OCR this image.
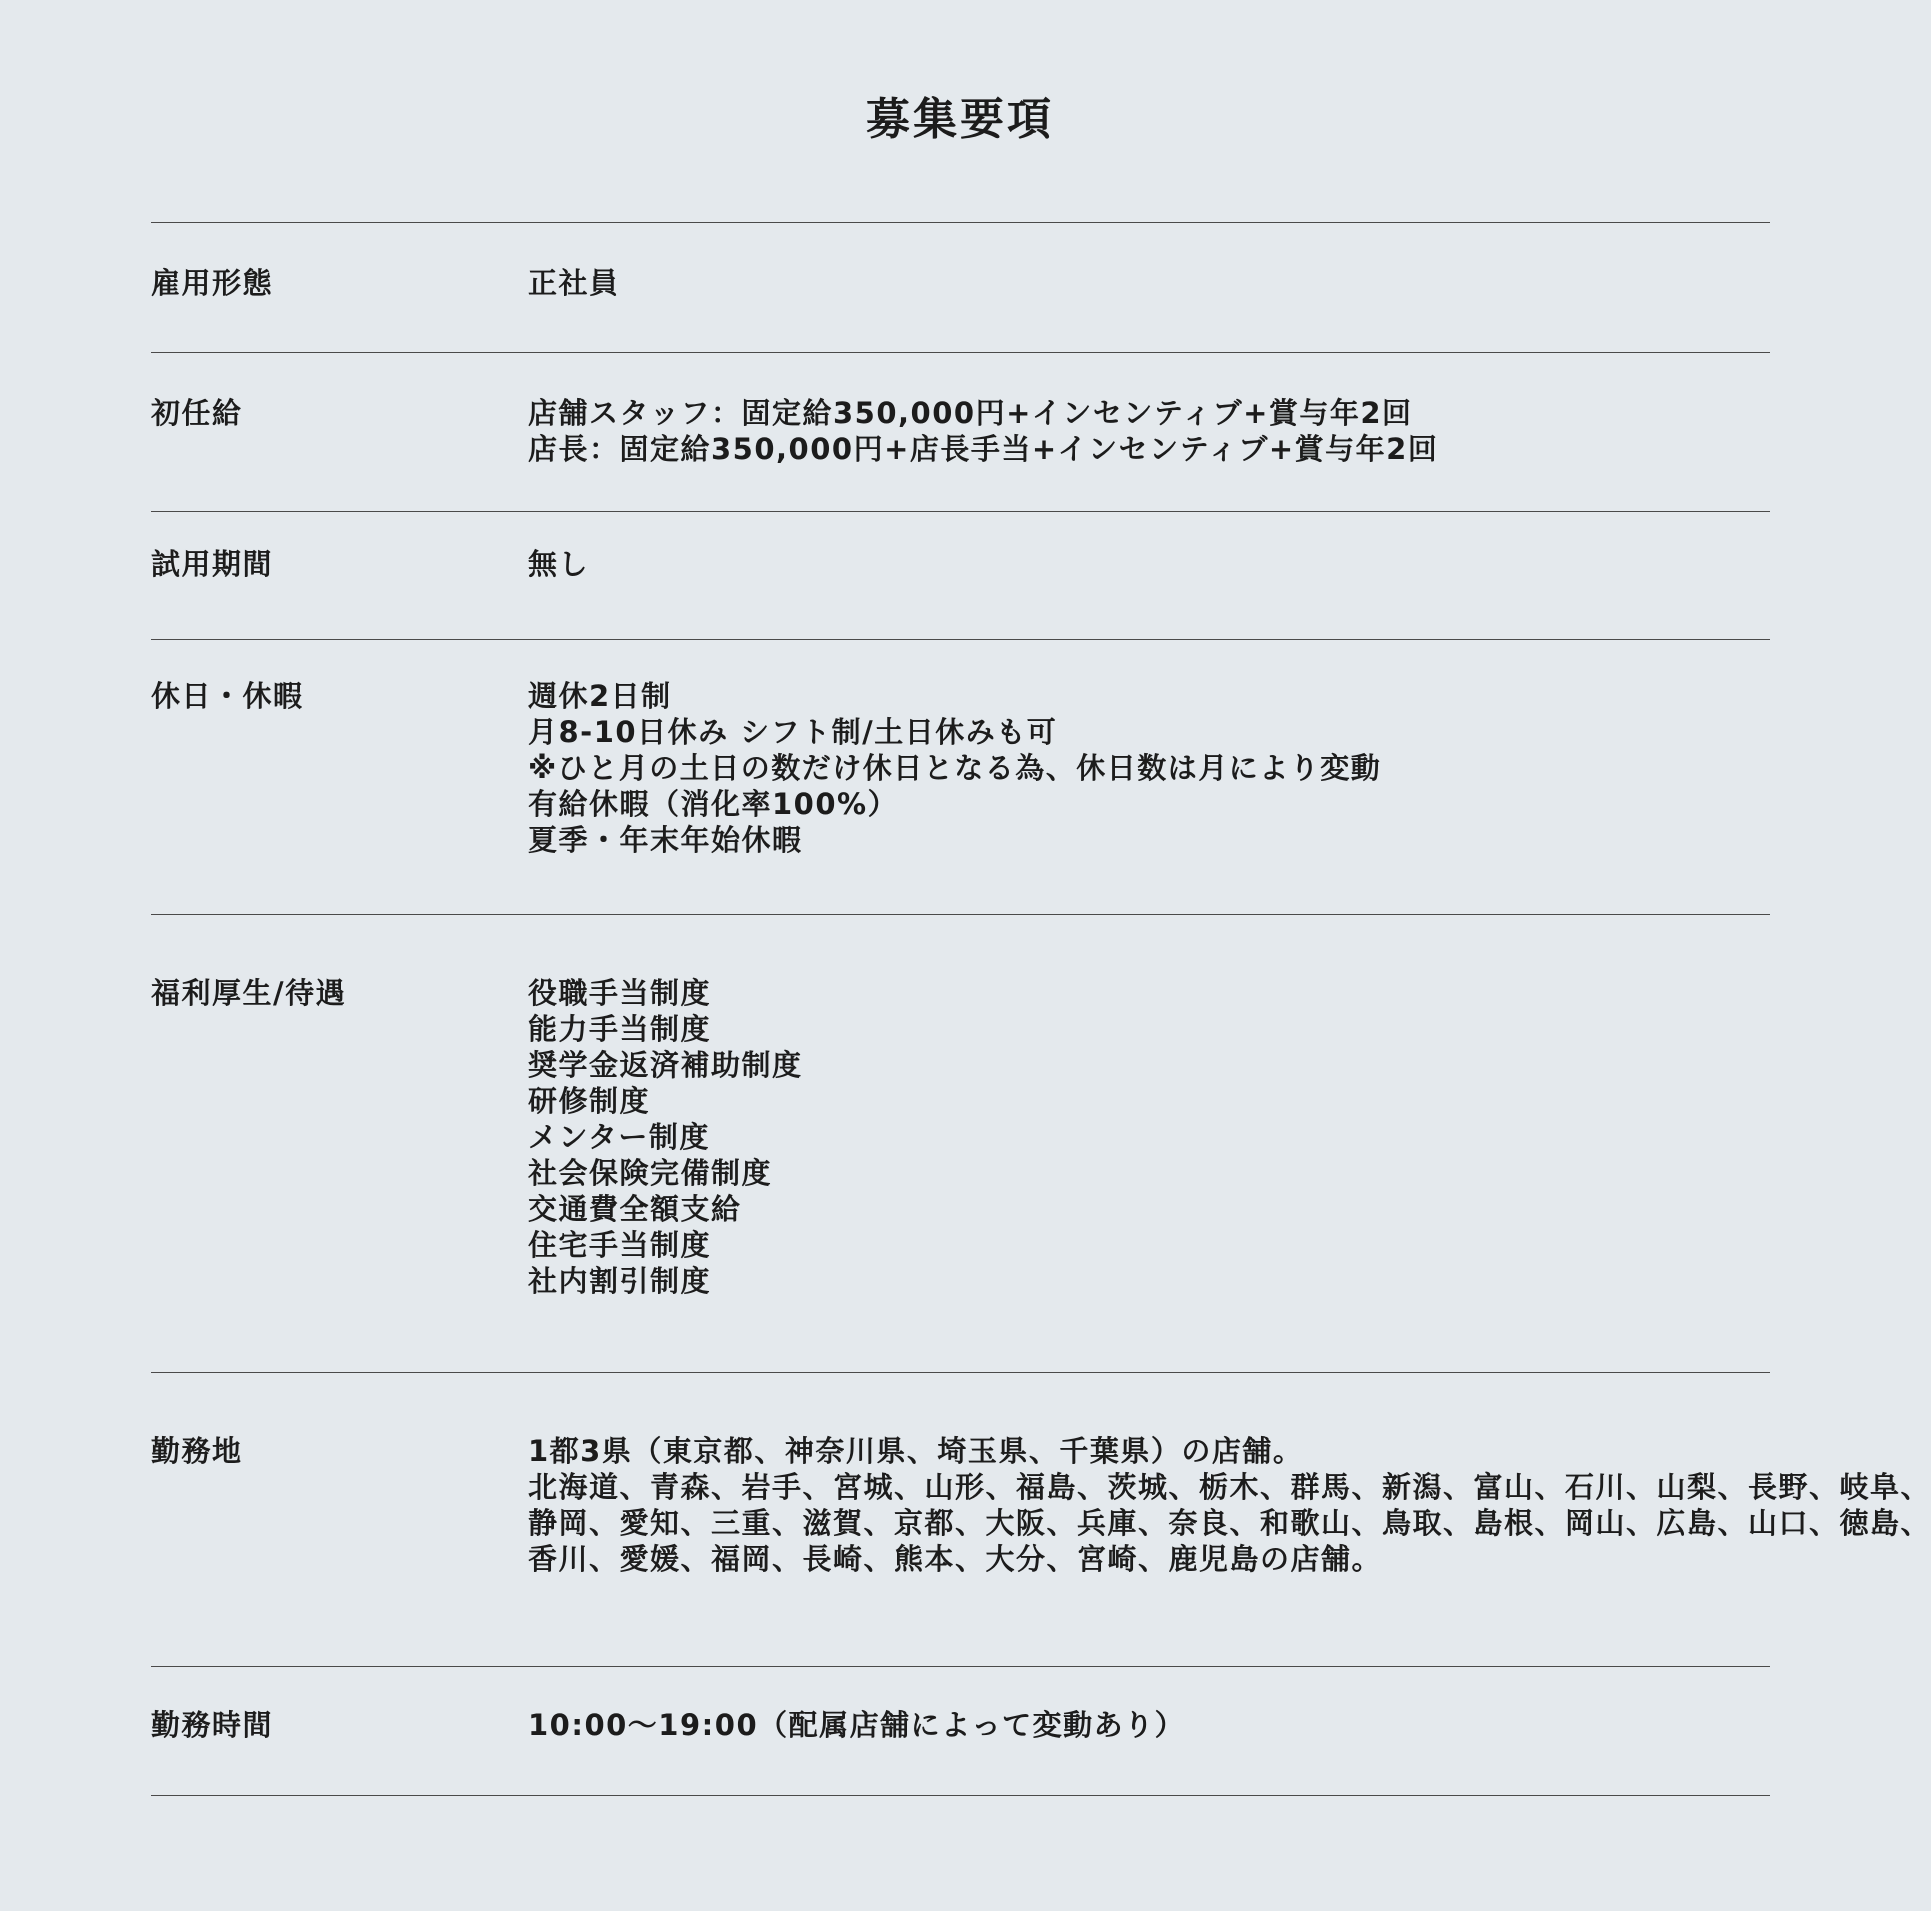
募集要項
雇用形態	正社員
初任給	店舗スタッフ：固定給350,000円+インセンティブ+賞与年2回
店長：固定給350,000円+店長手当+インセンティブ+賞与年2回
試用期間	無し
休日・休暇	週休2日制
月8-10日休み シフト制/土日休みも可
※ひと月の土日の数だけ休日となる為、休日数は月により変動
有給休暇（消化率100%）
夏季・年末年始休暇
福利厚生/待遇	役職手当制度
能力手当制度
奨学金返済補助制度
研修制度
メンター制度
社会保険完備制度
交通費全額支給
住宅手当制度
社内割引制度
勤務地	1都3県（東京都、神奈川県、埼玉県、千葉県）の店舗。
北海道、青森、岩手、宮城、山形、福島、茨城、栃木、群馬、新潟、富山、石川、山梨、長野、岐阜、
静岡、愛知、三重、滋賀、京都、大阪、兵庫、奈良、和歌山、鳥取、島根、岡山、広島、山口、徳島、
香川、愛媛、福岡、長崎、熊本、大分、宮崎、鹿児島の店舗。
勤務時間	10:00〜19:00（配属店舗によって変動あり）
